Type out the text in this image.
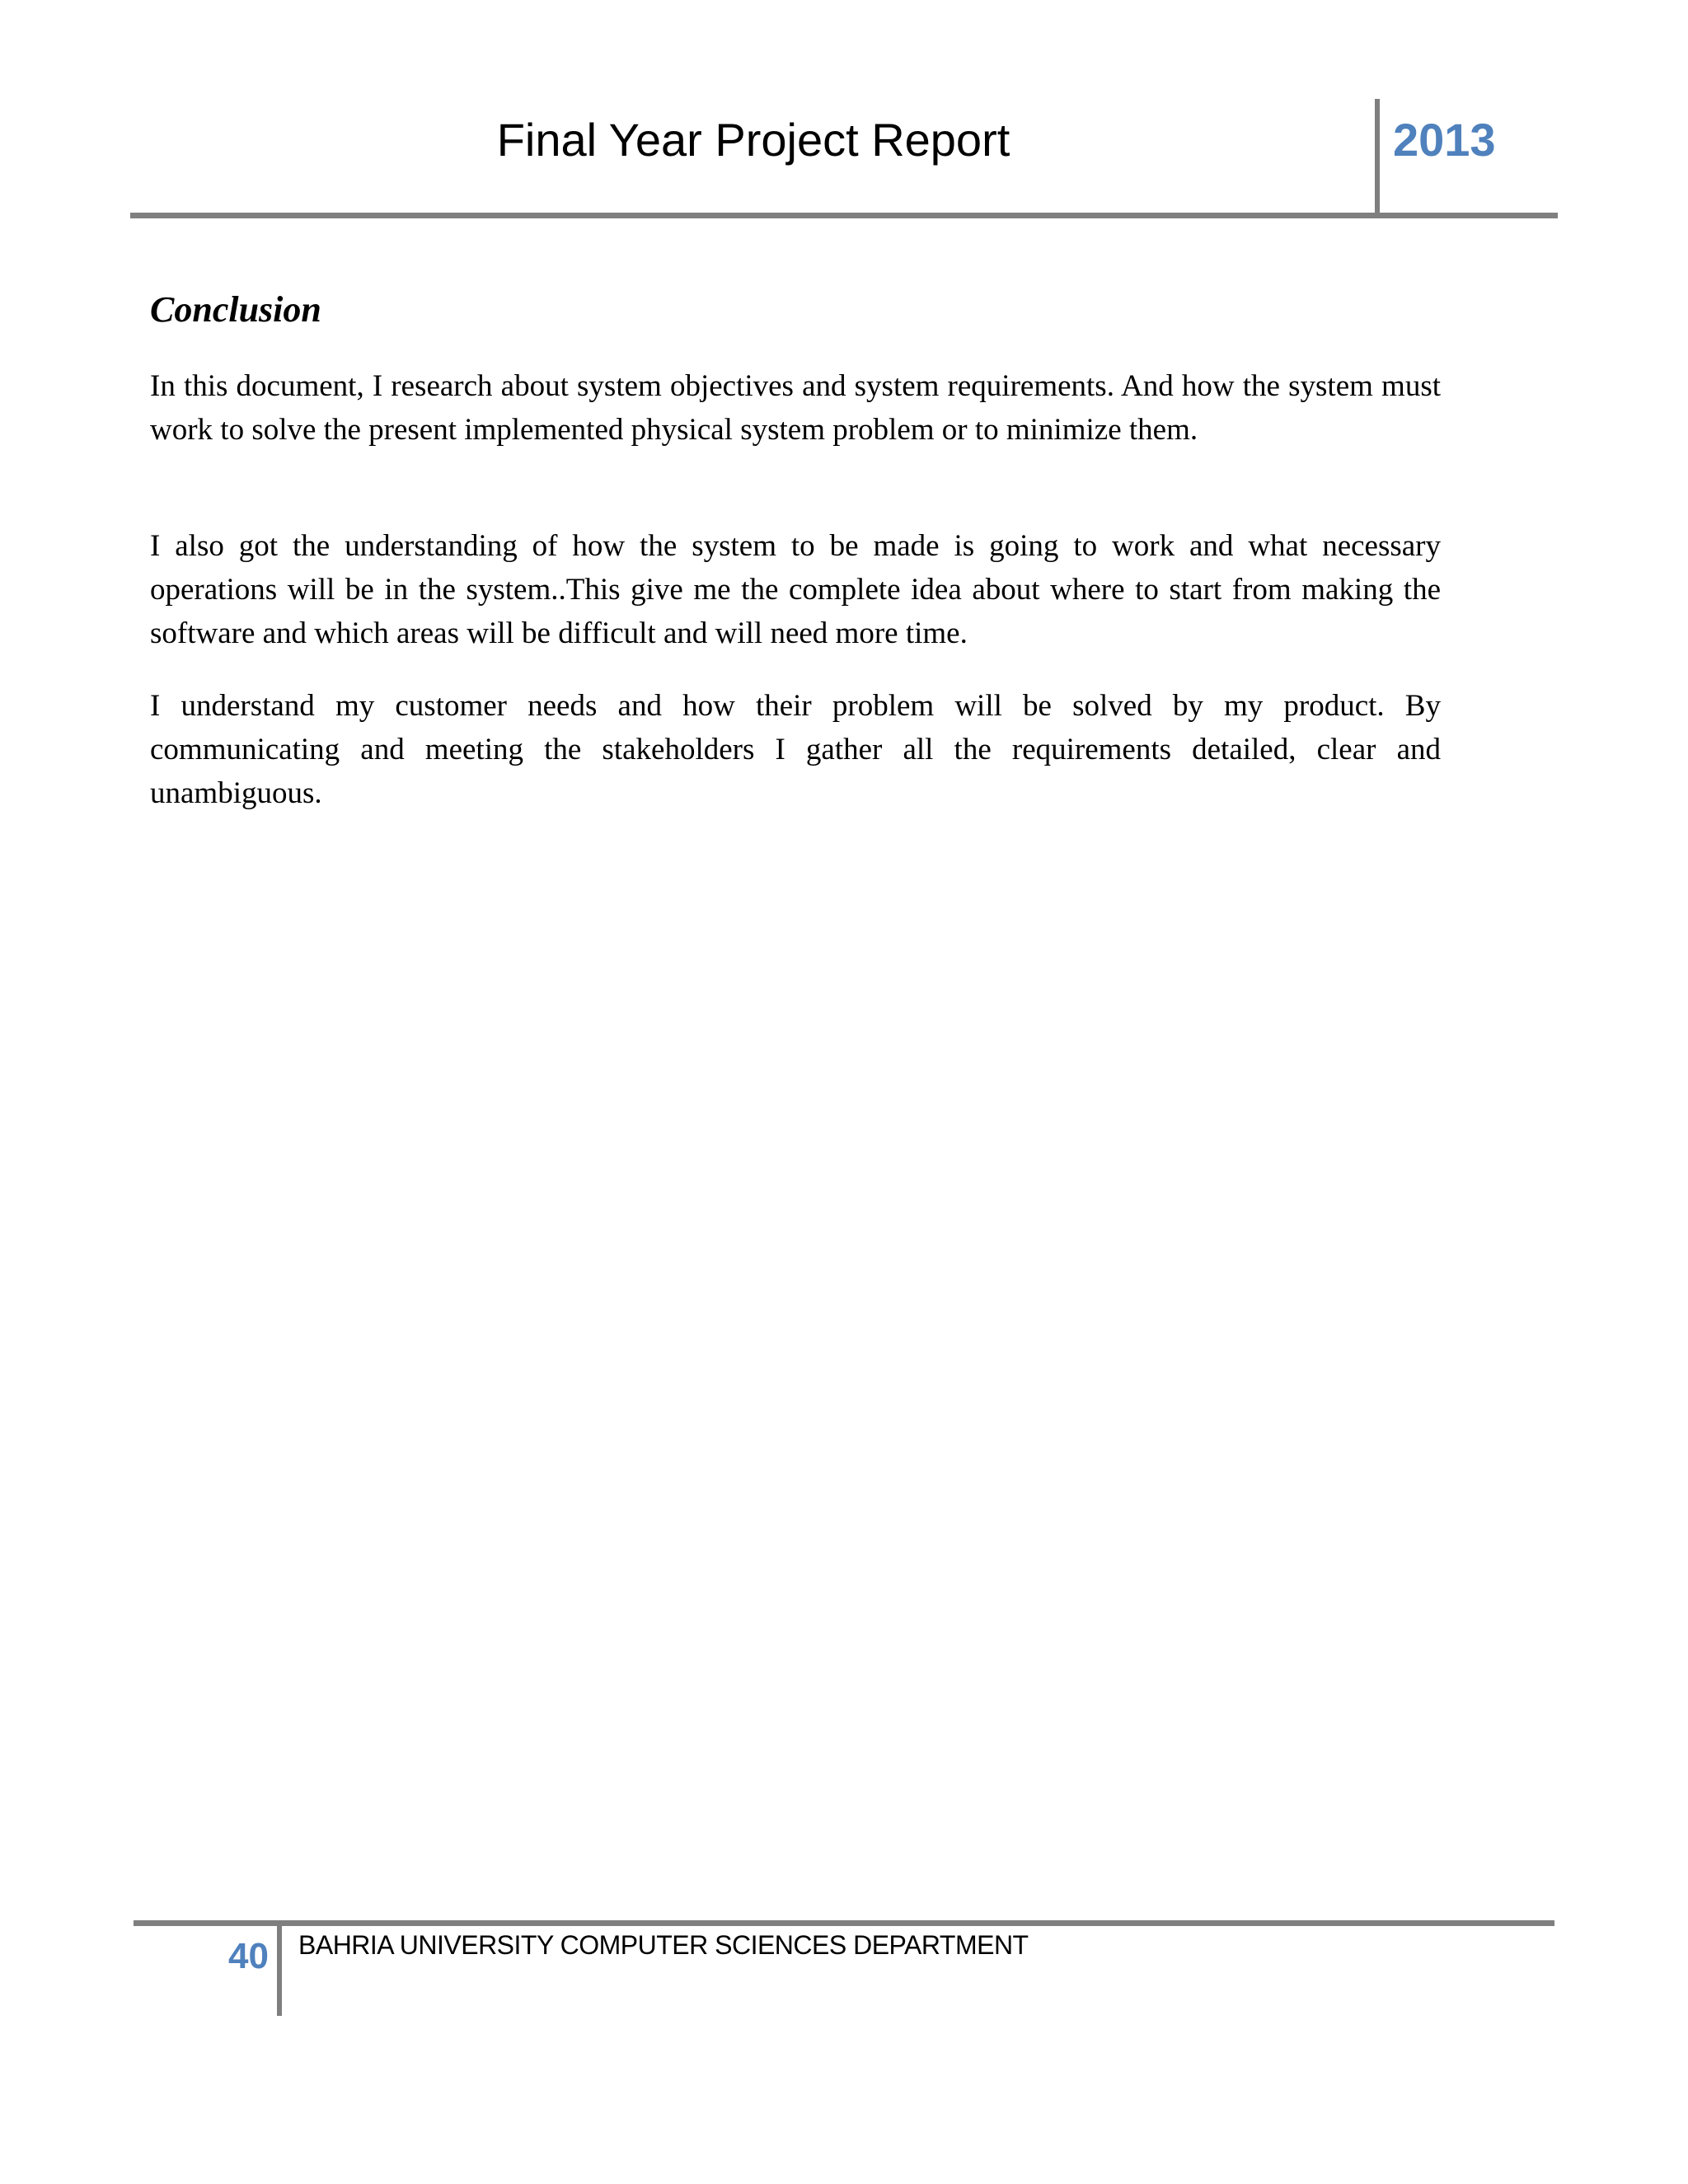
Final Year Project Report	2013
Conclusion

In this document, I research about system objectives and system requirements. And how the system must work to solve the present implemented physical system problem or to minimize them.

I also got the understanding of how the system to be made is going to work and what necessary operations will be in the system..This give me the complete idea about where to start from making the software and which areas will be difficult and will need more time.

I understand my customer needs and how their problem will be solved by my product. By communicating and meeting the stakeholders I gather all the requirements detailed, clear and unambiguous.

40 BAHRIA UNIVERSITY COMPUTER SCIENCES DEPARTMENT
